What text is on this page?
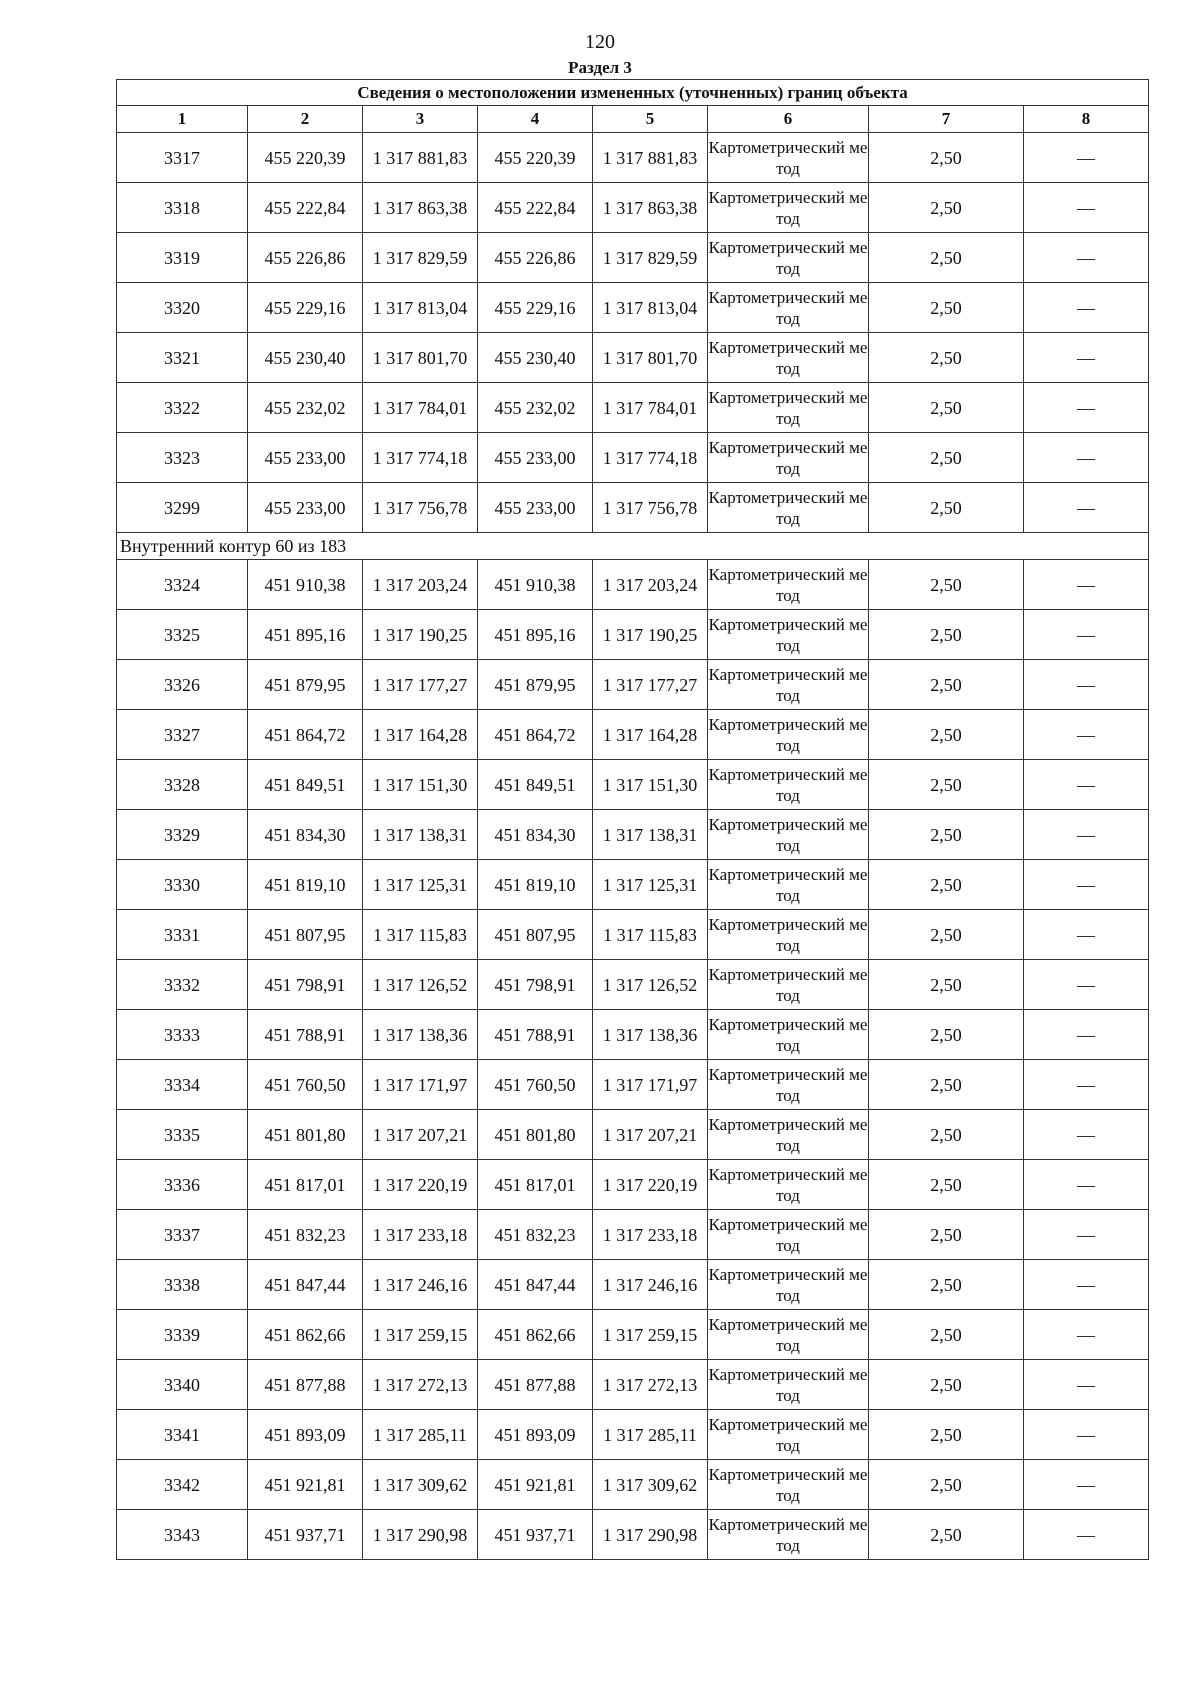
120
Раздел 3
Сведения о местоположении измененных (уточненных) границ объекта							
1	2	3	4	5	6	7	8
3317	455 220,39	1 317 881,83	455 220,39	1 317 881,83	Картометрический метод	2,50	—
3318	455 222,84	1 317 863,38	455 222,84	1 317 863,38	Картометрический метод	2,50	—
3319	455 226,86	1 317 829,59	455 226,86	1 317 829,59	Картометрический метод	2,50	—
3320	455 229,16	1 317 813,04	455 229,16	1 317 813,04	Картометрический метод	2,50	—
3321	455 230,40	1 317 801,70	455 230,40	1 317 801,70	Картометрический метод	2,50	—
3322	455 232,02	1 317 784,01	455 232,02	1 317 784,01	Картометрический метод	2,50	—
3323	455 233,00	1 317 774,18	455 233,00	1 317 774,18	Картометрический метод	2,50	—
3299	455 233,00	1 317 756,78	455 233,00	1 317 756,78	Картометрический метод	2,50	—
Внутренний контур 60 из 183							
3324	451 910,38	1 317 203,24	451 910,38	1 317 203,24	Картометрический метод	2,50	—
3325	451 895,16	1 317 190,25	451 895,16	1 317 190,25	Картометрический метод	2,50	—
3326	451 879,95	1 317 177,27	451 879,95	1 317 177,27	Картометрический метод	2,50	—
3327	451 864,72	1 317 164,28	451 864,72	1 317 164,28	Картометрический метод	2,50	—
3328	451 849,51	1 317 151,30	451 849,51	1 317 151,30	Картометрический метод	2,50	—
3329	451 834,30	1 317 138,31	451 834,30	1 317 138,31	Картометрический метод	2,50	—
3330	451 819,10	1 317 125,31	451 819,10	1 317 125,31	Картометрический метод	2,50	—
3331	451 807,95	1 317 115,83	451 807,95	1 317 115,83	Картометрический метод	2,50	—
3332	451 798,91	1 317 126,52	451 798,91	1 317 126,52	Картометрический метод	2,50	—
3333	451 788,91	1 317 138,36	451 788,91	1 317 138,36	Картометрический метод	2,50	—
3334	451 760,50	1 317 171,97	451 760,50	1 317 171,97	Картометрический метод	2,50	—
3335	451 801,80	1 317 207,21	451 801,80	1 317 207,21	Картометрический метод	2,50	—
3336	451 817,01	1 317 220,19	451 817,01	1 317 220,19	Картометрический метод	2,50	—
3337	451 832,23	1 317 233,18	451 832,23	1 317 233,18	Картометрический метод	2,50	—
3338	451 847,44	1 317 246,16	451 847,44	1 317 246,16	Картометрический метод	2,50	—
3339	451 862,66	1 317 259,15	451 862,66	1 317 259,15	Картометрический метод	2,50	—
3340	451 877,88	1 317 272,13	451 877,88	1 317 272,13	Картометрический метод	2,50	—
3341	451 893,09	1 317 285,11	451 893,09	1 317 285,11	Картометрический метод	2,50	—
3342	451 921,81	1 317 309,62	451 921,81	1 317 309,62	Картометрический метод	2,50	—
3343	451 937,71	1 317 290,98	451 937,71	1 317 290,98	Картометрический метод	2,50	—
